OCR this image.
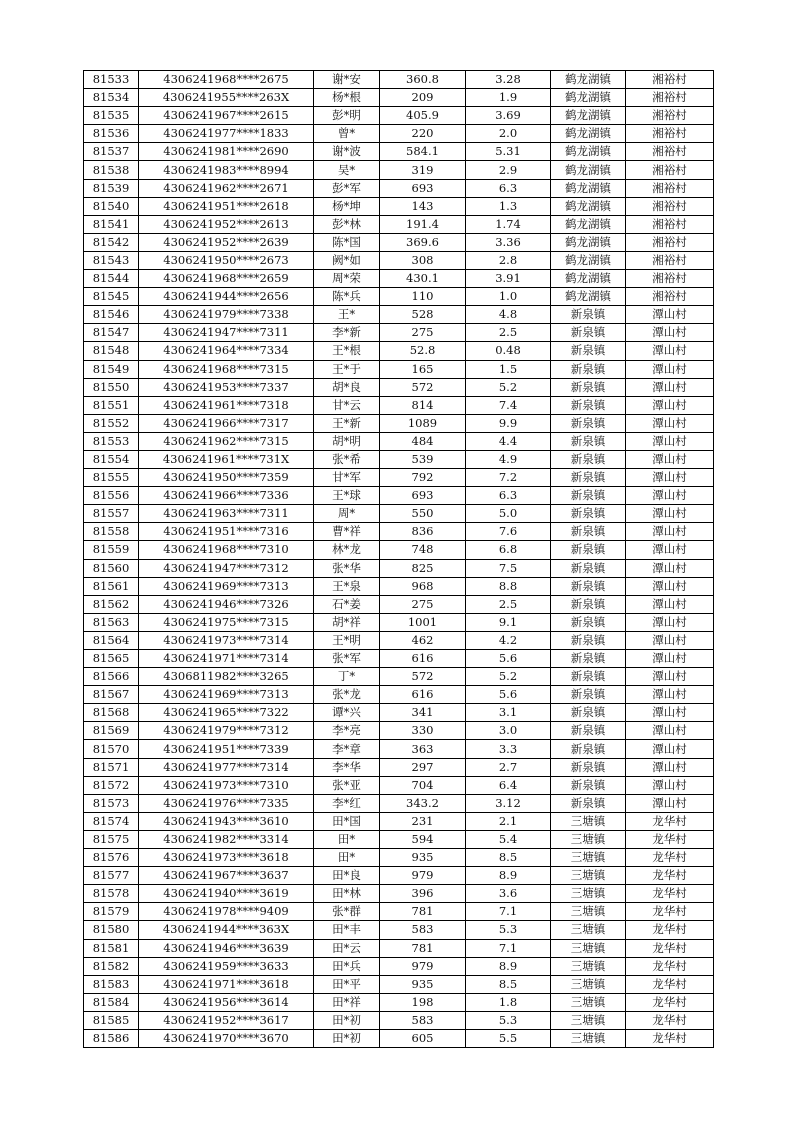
81533	4306241968****2675	谢*安	360.8	3.28	鹤龙湖镇	湘裕村
81534	4306241955****263X	杨*根	209	1.9	鹤龙湖镇	湘裕村
81535	4306241967****2615	彭*明	405.9	3.69	鹤龙湖镇	湘裕村
81536	4306241977****1833	曾*	220	2.0	鹤龙湖镇	湘裕村
81537	4306241981****2690	谢*波	584.1	5.31	鹤龙湖镇	湘裕村
81538	4306241983****8994	吴*	319	2.9	鹤龙湖镇	湘裕村
81539	4306241962****2671	彭*军	693	6.3	鹤龙湖镇	湘裕村
81540	4306241951****2618	杨*坤	143	1.3	鹤龙湖镇	湘裕村
81541	4306241952****2613	彭*林	191.4	1.74	鹤龙湖镇	湘裕村
81542	4306241952****2639	陈*国	369.6	3.36	鹤龙湖镇	湘裕村
81543	4306241950****2673	阙*如	308	2.8	鹤龙湖镇	湘裕村
81544	4306241968****2659	周*荣	430.1	3.91	鹤龙湖镇	湘裕村
81545	4306241944****2656	陈*兵	110	1.0	鹤龙湖镇	湘裕村
81546	4306241979****7338	王*	528	4.8	新泉镇	潭山村
81547	4306241947****7311	李*新	275	2.5	新泉镇	潭山村
81548	4306241964****7334	王*根	52.8	0.48	新泉镇	潭山村
81549	4306241968****7315	王*于	165	1.5	新泉镇	潭山村
81550	4306241953****7337	胡*良	572	5.2	新泉镇	潭山村
81551	4306241961****7318	甘*云	814	7.4	新泉镇	潭山村
81552	4306241966****7317	王*新	1089	9.9	新泉镇	潭山村
81553	4306241962****7315	胡*明	484	4.4	新泉镇	潭山村
81554	4306241961****731X	张*希	539	4.9	新泉镇	潭山村
81555	4306241950****7359	甘*军	792	7.2	新泉镇	潭山村
81556	4306241966****7336	王*球	693	6.3	新泉镇	潭山村
81557	4306241963****7311	周*	550	5.0	新泉镇	潭山村
81558	4306241951****7316	曹*祥	836	7.6	新泉镇	潭山村
81559	4306241968****7310	林*龙	748	6.8	新泉镇	潭山村
81560	4306241947****7312	张*华	825	7.5	新泉镇	潭山村
81561	4306241969****7313	王*泉	968	8.8	新泉镇	潭山村
81562	4306241946****7326	石*姜	275	2.5	新泉镇	潭山村
81563	4306241975****7315	胡*祥	1001	9.1	新泉镇	潭山村
81564	4306241973****7314	王*明	462	4.2	新泉镇	潭山村
81565	4306241971****7314	张*军	616	5.6	新泉镇	潭山村
81566	4306811982****3265	丁*	572	5.2	新泉镇	潭山村
81567	4306241969****7313	张*龙	616	5.6	新泉镇	潭山村
81568	4306241965****7322	谭*兴	341	3.1	新泉镇	潭山村
81569	4306241979****7312	李*亮	330	3.0	新泉镇	潭山村
81570	4306241951****7339	李*章	363	3.3	新泉镇	潭山村
81571	4306241977****7314	李*华	297	2.7	新泉镇	潭山村
81572	4306241973****7310	张*亚	704	6.4	新泉镇	潭山村
81573	4306241976****7335	李*红	343.2	3.12	新泉镇	潭山村
81574	4306241943****3610	田*国	231	2.1	三塘镇	龙华村
81575	4306241982****3314	田*	594	5.4	三塘镇	龙华村
81576	4306241973****3618	田*	935	8.5	三塘镇	龙华村
81577	4306241967****3637	田*良	979	8.9	三塘镇	龙华村
81578	4306241940****3619	田*林	396	3.6	三塘镇	龙华村
81579	4306241978****9409	张*群	781	7.1	三塘镇	龙华村
81580	4306241944****363X	田*丰	583	5.3	三塘镇	龙华村
81581	4306241946****3639	田*云	781	7.1	三塘镇	龙华村
81582	4306241959****3633	田*兵	979	8.9	三塘镇	龙华村
81583	4306241971****3618	田*平	935	8.5	三塘镇	龙华村
81584	4306241956****3614	田*祥	198	1.8	三塘镇	龙华村
81585	4306241952****3617	田*初	583	5.3	三塘镇	龙华村
81586	4306241970****3670	田*初	605	5.5	三塘镇	龙华村
